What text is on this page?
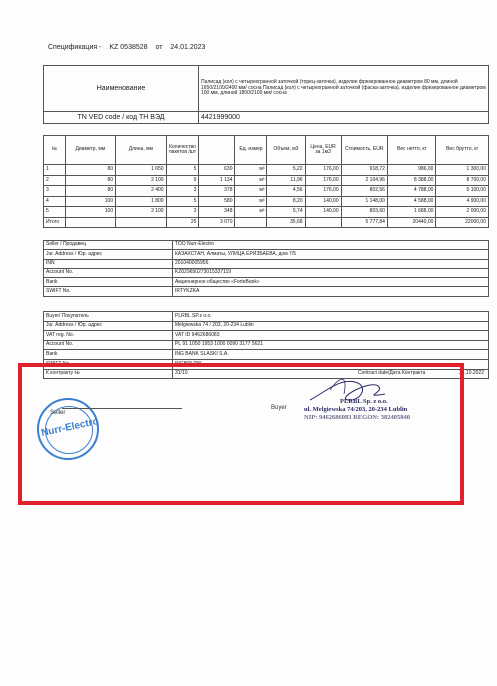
Спецификация - KZ 0538528 от 24.01.2023
Наименование	Палисад (кол) с четырехгранной заточкой (торец-заточка), изделие фрезерованное диаметром 80 мм, длиной 1650/2100/2400 мм/ сосна Палисад (кол) с четырехгранной заточкой (фаска-заточка), изделие фрезерованное диаметром 100 мм, длиной 1800/2100 мм/ сосна
TN VED code / код ТН ВЭД	4421999000
№	Диаметр, мм	Длина, мм	Количество пакетов /шт		Ед. измер	Объем, м3	Цена, EUR за 1м3	Стоимость, EUR	Вес нетто, кг	Вес брутто, кг
1	80	1 650	5	630	м³	5,22	176,00	918,72	986,00	1 300,00
2	80	2 100	9	1 134	м³	11,96	176,00	2 104,96	8 388,00	8 700,00
3	80	2 400	3	378	м³	4,56	176,00	802,56	4 788,00	5 100,00
4	100	1 800	5	580	м³	8,20	140,00	1 148,00	4 588,00	4 900,00
5	100	2 100	3	348	м³	5,74	140,00	803,60	1 688,00	2 000,00
Итого			25	3 070		35,68		5 777,84	20440,00	22000,00
Seller / Продавец	ТОО Nurr-Electro
Jur. Address / Юр. адрес	КАЗАХСТАН, Алматы, УЛИЦА ЕРИЗБАЕВА, дом 7/5
INN	201040005956
Account No.	KZ029650273015337119
Bank	Акционерное общество «ForteBank»
SWIFT No.	IRTYKZKA
Buyer/ Покупатель	PLRBL SP.z o.o.
Jur. Address / Юр. адрес	Melgiewska 74 / 203, 20-234 Lublin
VAT reg. No.	VAT ID 9462686083
Account No.	PL 91 1050 1953 1000 0090 3177 5621
Bank	ING BANK SLASKI S.A.
SWIFT No.	INGBPLPW
К контракту №	31/10 Contract date/Дата Контракта 31.10.2022
Nurr-Electro
Seller
Buyer
PLRBL Sp. z o.o.
ul. Melgiewska 74/203, 20-234 Lublin
NIP: 9462686083 REGON: 382405840
